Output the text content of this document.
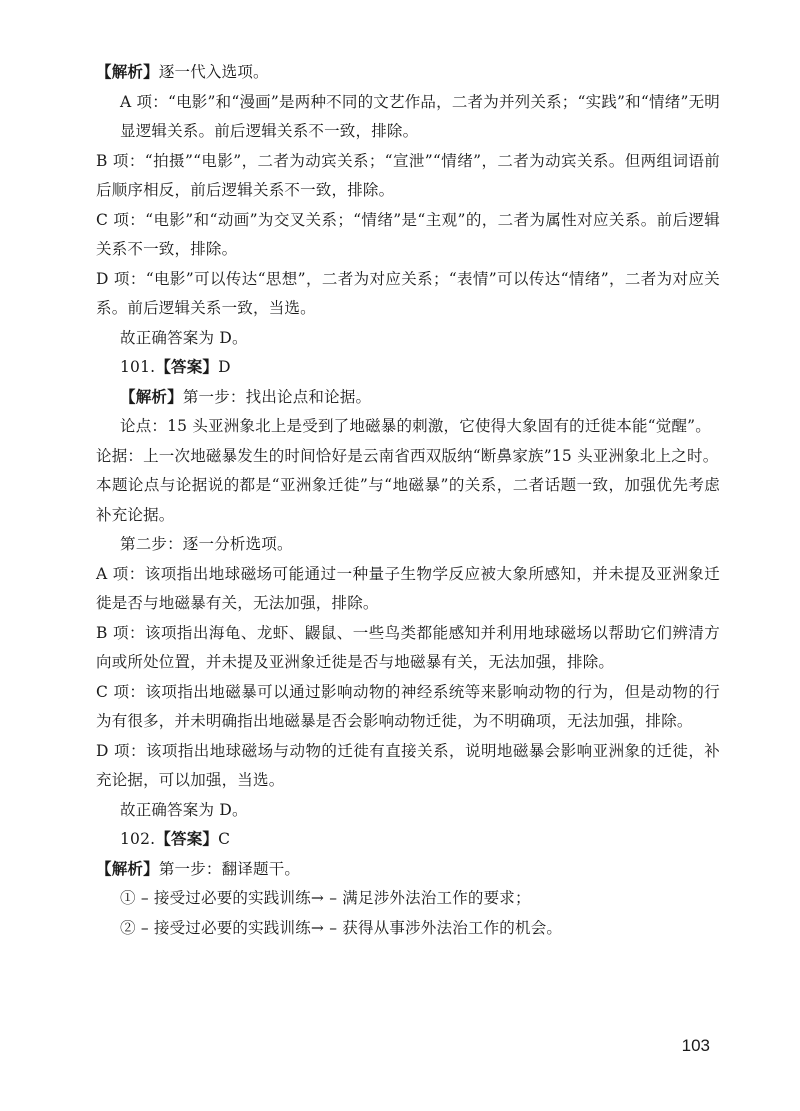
【解析】逐一代入选项。

A 项：“电影”和“漫画”是两种不同的文艺作品，二者为并列关系；“实践”和“情绪”无明显逻辑关系。前后逻辑关系不一致，排除。

B 项：“拍摄”“电影”，二者为动宾关系；“宣泄”“情绪”，二者为动宾关系。但两组词语前后顺序相反，前后逻辑关系不一致，排除。

C 项：“电影”和“动画”为交叉关系；“情绪”是“主观”的，二者为属性对应关系。前后逻辑关系不一致，排除。

D 项：“电影”可以传达“思想”，二者为对应关系；“表情”可以传达“情绪”，二者为对应关系。前后逻辑关系一致，当选。

故正确答案为 D。

101.【答案】D

【解析】第一步：找出论点和论据。

论点：15 头亚洲象北上是受到了地磁暴的刺激，它使得大象固有的迁徙本能“觉醒”。

论据：上一次地磁暴发生的时间恰好是云南省西双版纳“断鼻家族”15 头亚洲象北上之时。

本题论点与论据说的都是“亚洲象迁徙”与“地磁暴”的关系，二者话题一致，加强优先考虑补充论据。

第二步：逐一分析选项。

A 项：该项指出地球磁场可能通过一种量子生物学反应被大象所感知，并未提及亚洲象迁徙是否与地磁暴有关，无法加强，排除。

B 项：该项指出海龟、龙虾、鼹鼠、一些鸟类都能感知并利用地球磁场以帮助它们辨清方向或所处位置，并未提及亚洲象迁徙是否与地磁暴有关，无法加强，排除。

C 项：该项指出地磁暴可以通过影响动物的神经系统等来影响动物的行为，但是动物的行为有很多，并未明确指出地磁暴是否会影响动物迁徙，为不明确项，无法加强，排除。

D 项：该项指出地球磁场与动物的迁徙有直接关系，说明地磁暴会影响亚洲象的迁徙，补充论据，可以加强，当选。

故正确答案为 D。

102.【答案】C

【解析】第一步：翻译题干。

① – 接受过必要的实践训练→ – 满足涉外法治工作的要求；

② – 接受过必要的实践训练→ – 获得从事涉外法治工作的机会。

103
